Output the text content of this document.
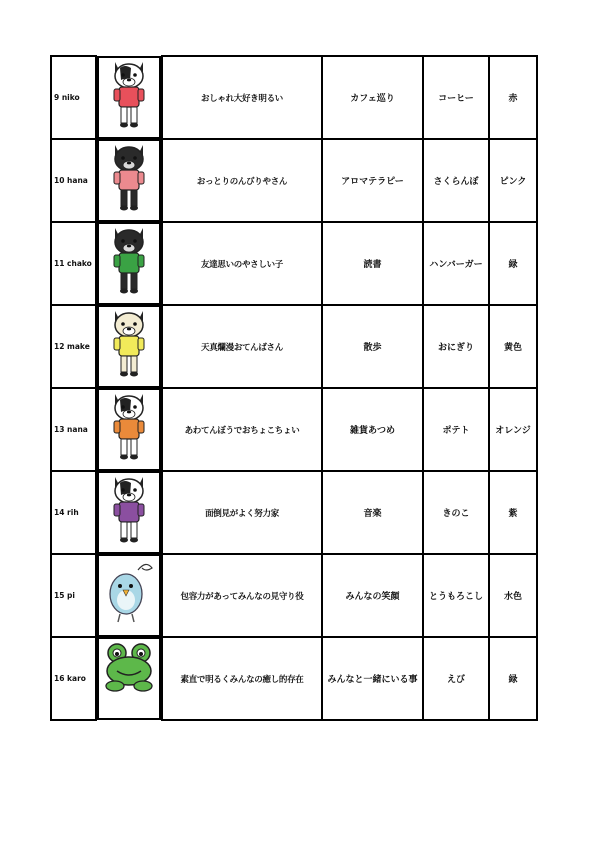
9 niko	おしゃれ大好き明るい	カフェ巡り	コーヒー	赤
10 hana	おっとりのんびりやさん	アロマテラピー	さくらんぼ	ピンク
11 chako	友達思いのやさしい子	読書	ハンバーガー	緑
12 make	天真爛漫おてんばさん	散歩	おにぎり	黄色
13 nana	あわてんぼうでおちょこちょい	雑貨あつめ	ポテト	オレンジ
14 rih	面倒見がよく努力家	音楽	きのこ	紫
15 pi	包容力があってみんなの見守り役	みんなの笑顔	とうもろこし	水色
16 karo	素直で明るくみんなの癒し的存在	みんなと一緒にいる事	えび	緑
